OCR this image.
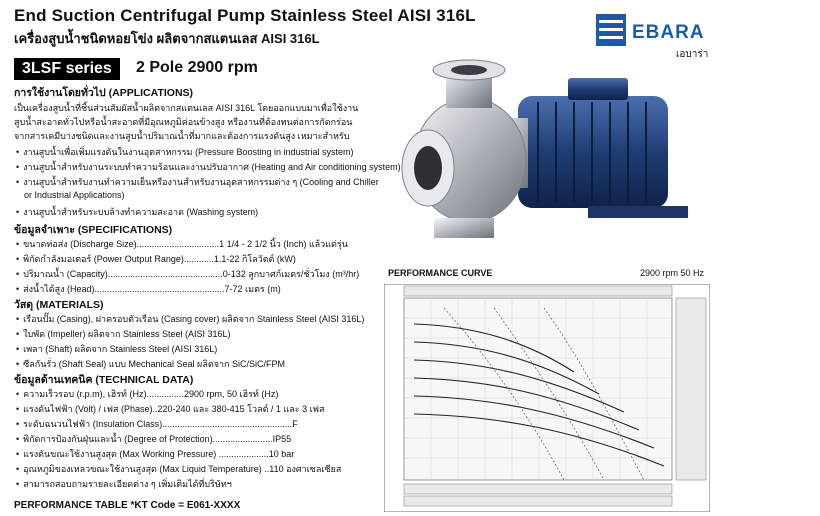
End Suction Centrifugal Pump Stainless Steel AISI 316L
เครื่องสูบน้ำชนิดหอยโข่ง ผลิตจากสแตนเลส AISI 316L
3LSF series	2 Pole 2900 rpm
EBARA
เอบาร่า
การใช้งานโดยทั่วไป (APPLICATIONS)
เป็นเครื่องสูบน้ำที่ชิ้นส่วนสัมผัสน้ำผลิตจากสแตนเลส AISI 316L โดยออกแบบมาเพื่อใช้งาน
สูบน้ำสะอาดทั่วไปหรือน้ำสะอาดที่มีอุณหภูมิค่อนข้างสูง หรืองานที่ต้องทนต่อการกัดกร่อน
จากสารเคมีบางชนิดและงานสูบน้ำปริมาณน้ำที่มากและต้องการแรงดันสูง เหมาะสำหรับ
• งานสูบน้ำเพื่อเพิ่มแรงดันในงานอุตสาหกรรม (Pressure Boosting in industrial system)
• งานสูบน้ำสำหรับงานระบบทำความร้อนและงานปรับอากาศ (Heating and Air conditioning system)
• งานสูบน้ำสำหรับงานทำความเย็นหรืองานสำหรับงานอุตสาหกรรมต่าง ๆ (Cooling and Chiller
or Industrial Applications)
• งานสูบน้ำสำหรับระบบล้างทำความสะอาด (Washing system)
ข้อมูลจำเพาะ (SPECIFICATIONS)
• ขนาดท่อส่ง (Discharge Size).................................1 1/4 - 2 1/2 นิ้ว (Inch) แล้วแต่รุ่น
• พิกัดกำลังมอเตอร์ (Power Output Range)............1.1-22 กิโลวัตต์ (kW)
• ปริมาณน้ำ (Capacity)..............................................0-132 ลูกบาศก์เมตร/ชั่วโมง (m³/hr)
• ส่งน้ำได้สูง (Head)....................................................7-72 เมตร (m)
วัสดุ (MATERIALS)
• เรือนปั๊ม (Casing), ฝาครอบตัวเรือน (Casing cover) ผลิตจาก Stainless Steel (AISI 316L)
• ใบพัด (Impeller) ผลิตจาก Stainless Steel (AISI 316L)
• เพลา (Shaft) ผลิตจาก Stainless Steel (AISI 316L)
• ซีลกันรั่ว (Shaft Seal) แบบ Mechanical Seal ผลิตจาก SiC/SiC/FPM
ข้อมูลด้านเทคนิค (TECHNICAL DATA)
• ความเร็วรอบ (r.p.m), เฮิรท์ (Hz)...............2900 rpm, 50 เฮิรท์ (Hz)
• แรงดันไฟฟ้า (Volt) / เฟส (Phase)..220-240 และ 380-415 โวลต์ / 1 และ 3 เฟส
• ระดับฉนวนไฟฟ้า (Insulation Class)....................................................F
• พิกัดการป้องกันฝุ่นและน้ำ (Degree of Protection)........................IP55
• แรงดันขณะใช้งานสูงสุด (Max Working Pressure) ....................10 bar
• อุณหภูมิของเหลวขณะใช้งานสูงสุด (Max Liquid Temperature) ..110 องศาเซลเซียส
• สามารถสอบถามรายละเอียดต่าง ๆ เพิ่มเติมได้ที่บริษัทฯ
PERFORMANCE TABLE *KT Code = E061-XXXX
PERFORMANCE CURVE	2900 rpm 50 Hz
